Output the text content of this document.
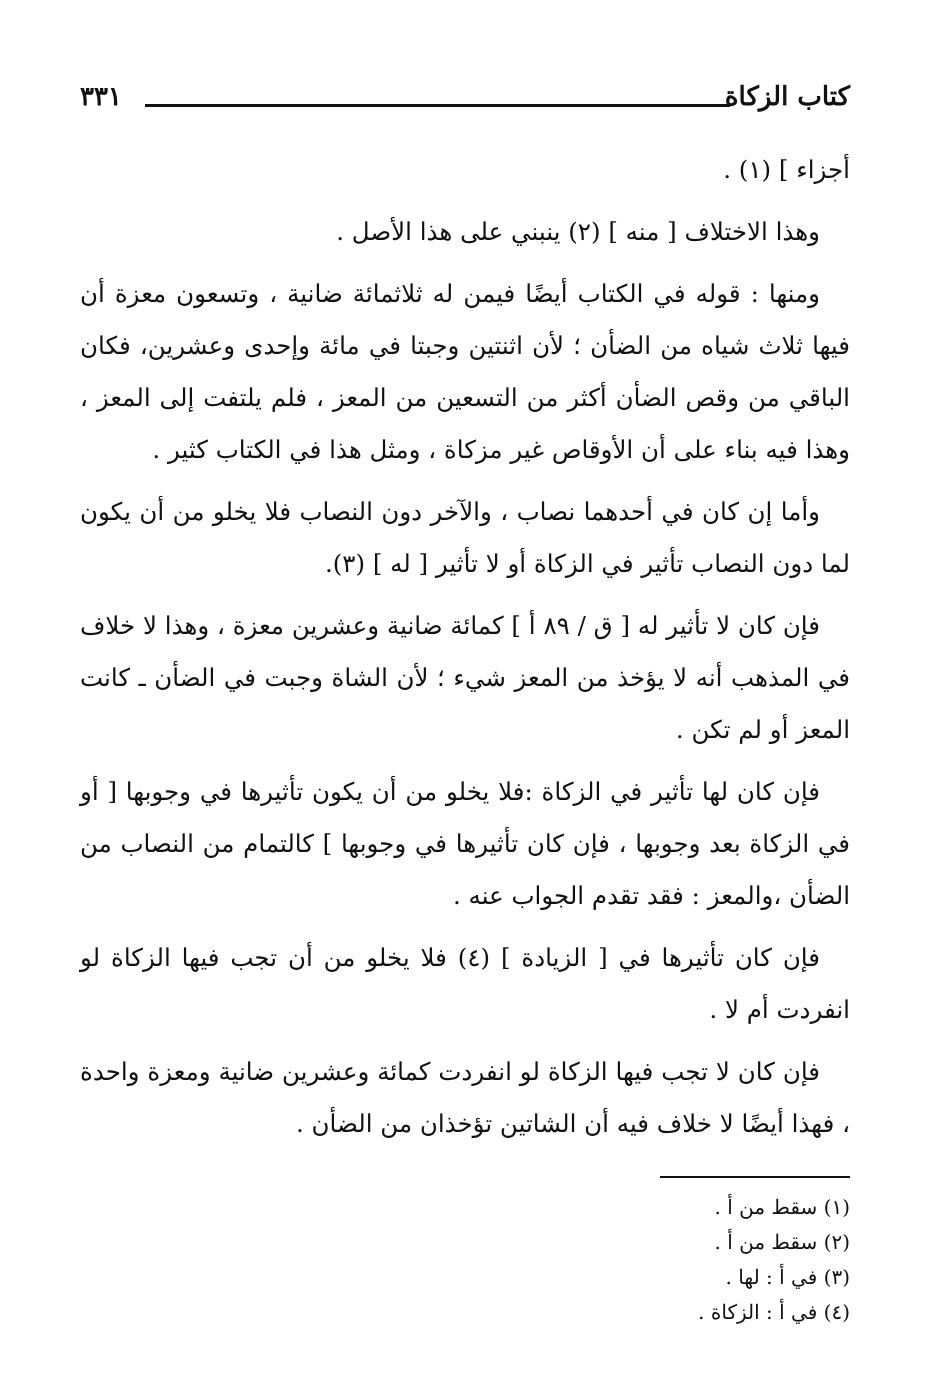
كتاب الزكاة
٣٣١

أجزاء ] (١) .

وهذا الاختلاف [ منه ] (٢) ينبني على هذا الأصل .

ومنها : قوله في الكتاب أيضًا فيمن له ثلاثمائة ضانية ، وتسعون معزة أن فيها ثلاث شياه من الضأن ؛ لأن اثنتين وجبتا في مائة وإحدى وعشرين، فكان الباقي من وقص الضأن أكثر من التسعين من المعز ، فلم يلتفت إلى المعز ، وهذا فيه بناء على أن الأوقاص غير مزكاة ، ومثل هذا في الكتاب كثير .

وأما إن كان في أحدهما نصاب ، والآخر دون النصاب فلا يخلو من أن يكون لما دون النصاب تأثير في الزكاة أو لا تأثير [ له ] (٣).

فإن كان لا تأثير له [ ق / ٨٩ أ ] كمائة ضانية وعشرين معزة ، وهذا لا خلاف في المذهب أنه لا يؤخذ من المعز شيء ؛ لأن الشاة وجبت في الضأن ـ كانت المعز أو لم تكن .

فإن كان لها تأثير في الزكاة :فلا يخلو من أن يكون تأثيرها في وجوبها [ أو في الزكاة بعد وجوبها ، فإن كان تأثيرها في وجوبها ] كالتمام من النصاب من الضأن ،والمعز : فقد تقدم الجواب عنه .

فإن كان تأثيرها في [ الزيادة ] (٤) فلا يخلو من أن تجب فيها الزكاة لو انفردت أم لا .

فإن كان لا تجب فيها الزكاة لو انفردت كمائة وعشرين ضانية ومعزة واحدة ، فهذا أيضًا لا خلاف فيه أن الشاتين تؤخذان من الضأن .

(١) سقط من أ .

(٢) سقط من أ .

(٣) في أ : لها .

(٤) في أ : الزكاة .
